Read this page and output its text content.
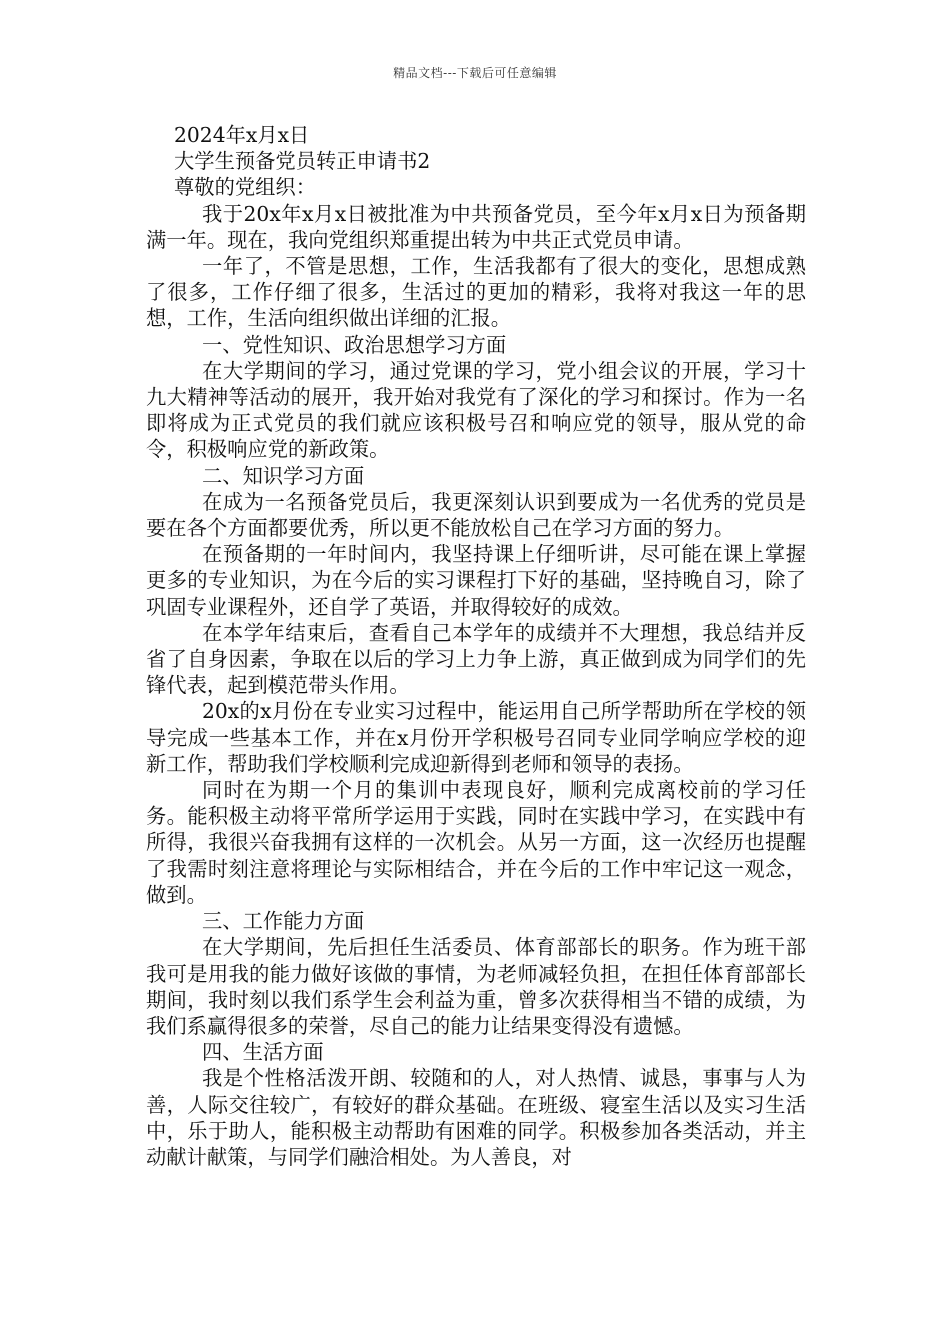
精品文档---下载后可任意编辑

2024年x月x日

大学生预备党员转正申请书2

尊敬的党组织：

我于20x年x月x日被批准为中共预备党员，至今年x月x日为预备期满一年。现在，我向党组织郑重提出转为中共正式党员申请。

一年了，不管是思想，工作，生活我都有了很大的变化，思想成熟了很多，工作仔细了很多，生活过的更加的精彩，我将对我这一年的思想，工作，生活向组织做出详细的汇报。

一、党性知识、政治思想学习方面

在大学期间的学习，通过党课的学习，党小组会议的开展，学习十九大精神等活动的展开，我开始对我党有了深化的学习和探讨。作为一名即将成为正式党员的我们就应该积极号召和响应党的领导，服从党的命令，积极响应党的新政策。

二、知识学习方面

在成为一名预备党员后，我更深刻认识到要成为一名优秀的党员是要在各个方面都要优秀，所以更不能放松自己在学习方面的努力。

在预备期的一年时间内，我坚持课上仔细听讲，尽可能在课上掌握更多的专业知识，为在今后的实习课程打下好的基础，坚持晚自习，除了巩固专业课程外，还自学了英语，并取得较好的成效。

在本学年结束后，查看自己本学年的成绩并不大理想，我总结并反省了自身因素，争取在以后的学习上力争上游，真正做到成为同学们的先锋代表，起到模范带头作用。

20x的x月份在专业实习过程中，能运用自己所学帮助所在学校的领导完成一些基本工作，并在x月份开学积极号召同专业同学响应学校的迎新工作，帮助我们学校顺利完成迎新得到老师和领导的表扬。

同时在为期一个月的集训中表现良好，顺利完成离校前的学习任务。能积极主动将平常所学运用于实践，同时在实践中学习，在实践中有所得，我很兴奋我拥有这样的一次机会。从另一方面，这一次经历也提醒了我需时刻注意将理论与实际相结合，并在今后的工作中牢记这一观念，做到。

三、工作能力方面

在大学期间，先后担任生活委员、体育部部长的职务。作为班干部我可是用我的能力做好该做的事情，为老师减轻负担，在担任体育部部长期间，我时刻以我们系学生会利益为重，曾多次获得相当不错的成绩，为我们系赢得很多的荣誉，尽自己的能力让结果变得没有遗憾。

四、生活方面

我是个性格活泼开朗、较随和的人，对人热情、诚恳，事事与人为善，人际交往较广，有较好的群众基础。在班级、寝室生活以及实习生活中，乐于助人，能积极主动帮助有困难的同学。积极参加各类活动，并主动献计献策，与同学们融洽相处。为人善良，对
